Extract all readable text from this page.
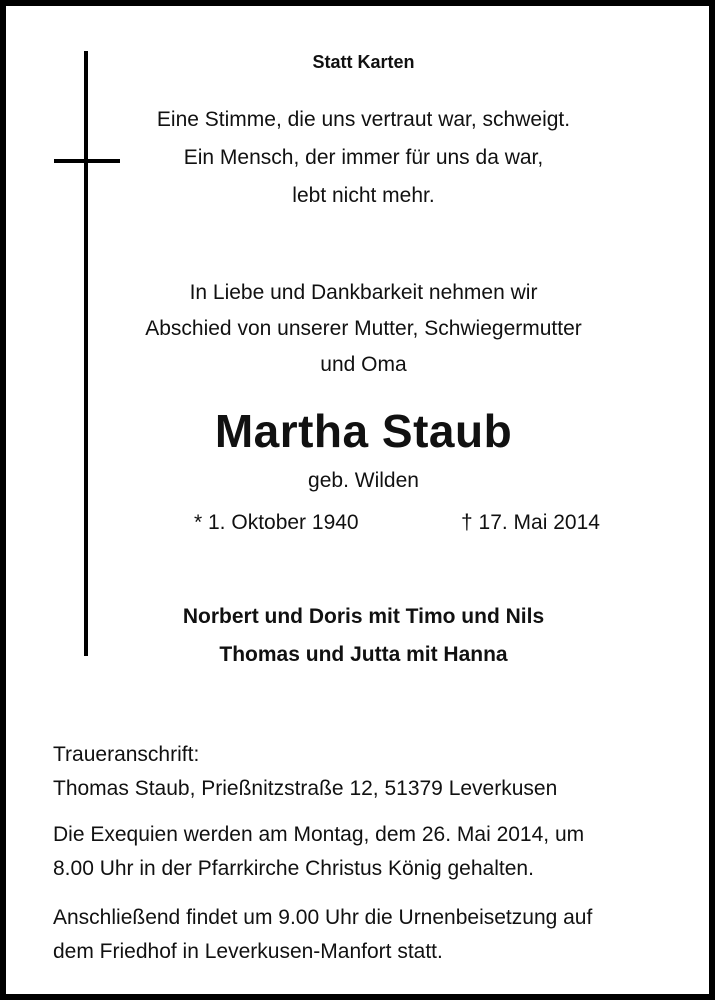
Statt Karten
Eine Stimme, die uns vertraut war, schweigt.
Ein Mensch, der immer für uns da war,
lebt nicht mehr.
In Liebe und Dankbarkeit nehmen wir
Abschied von unserer Mutter, Schwiegermutter
und Oma
Martha Staub
geb. Wilden
* 1. Oktober 1940	† 17. Mai 2014
Norbert und Doris mit Timo und Nils
Thomas und Jutta mit Hanna
Traueranschrift:
Thomas Staub, Prießnitzstraße 12, 51379 Leverkusen
Die Exequien werden am Montag, dem 26. Mai 2014, um
8.00 Uhr in der Pfarrkirche Christus König gehalten.
Anschließend findet um 9.00 Uhr die Urnenbeisetzung auf
dem Friedhof in Leverkusen-Manfort statt.
